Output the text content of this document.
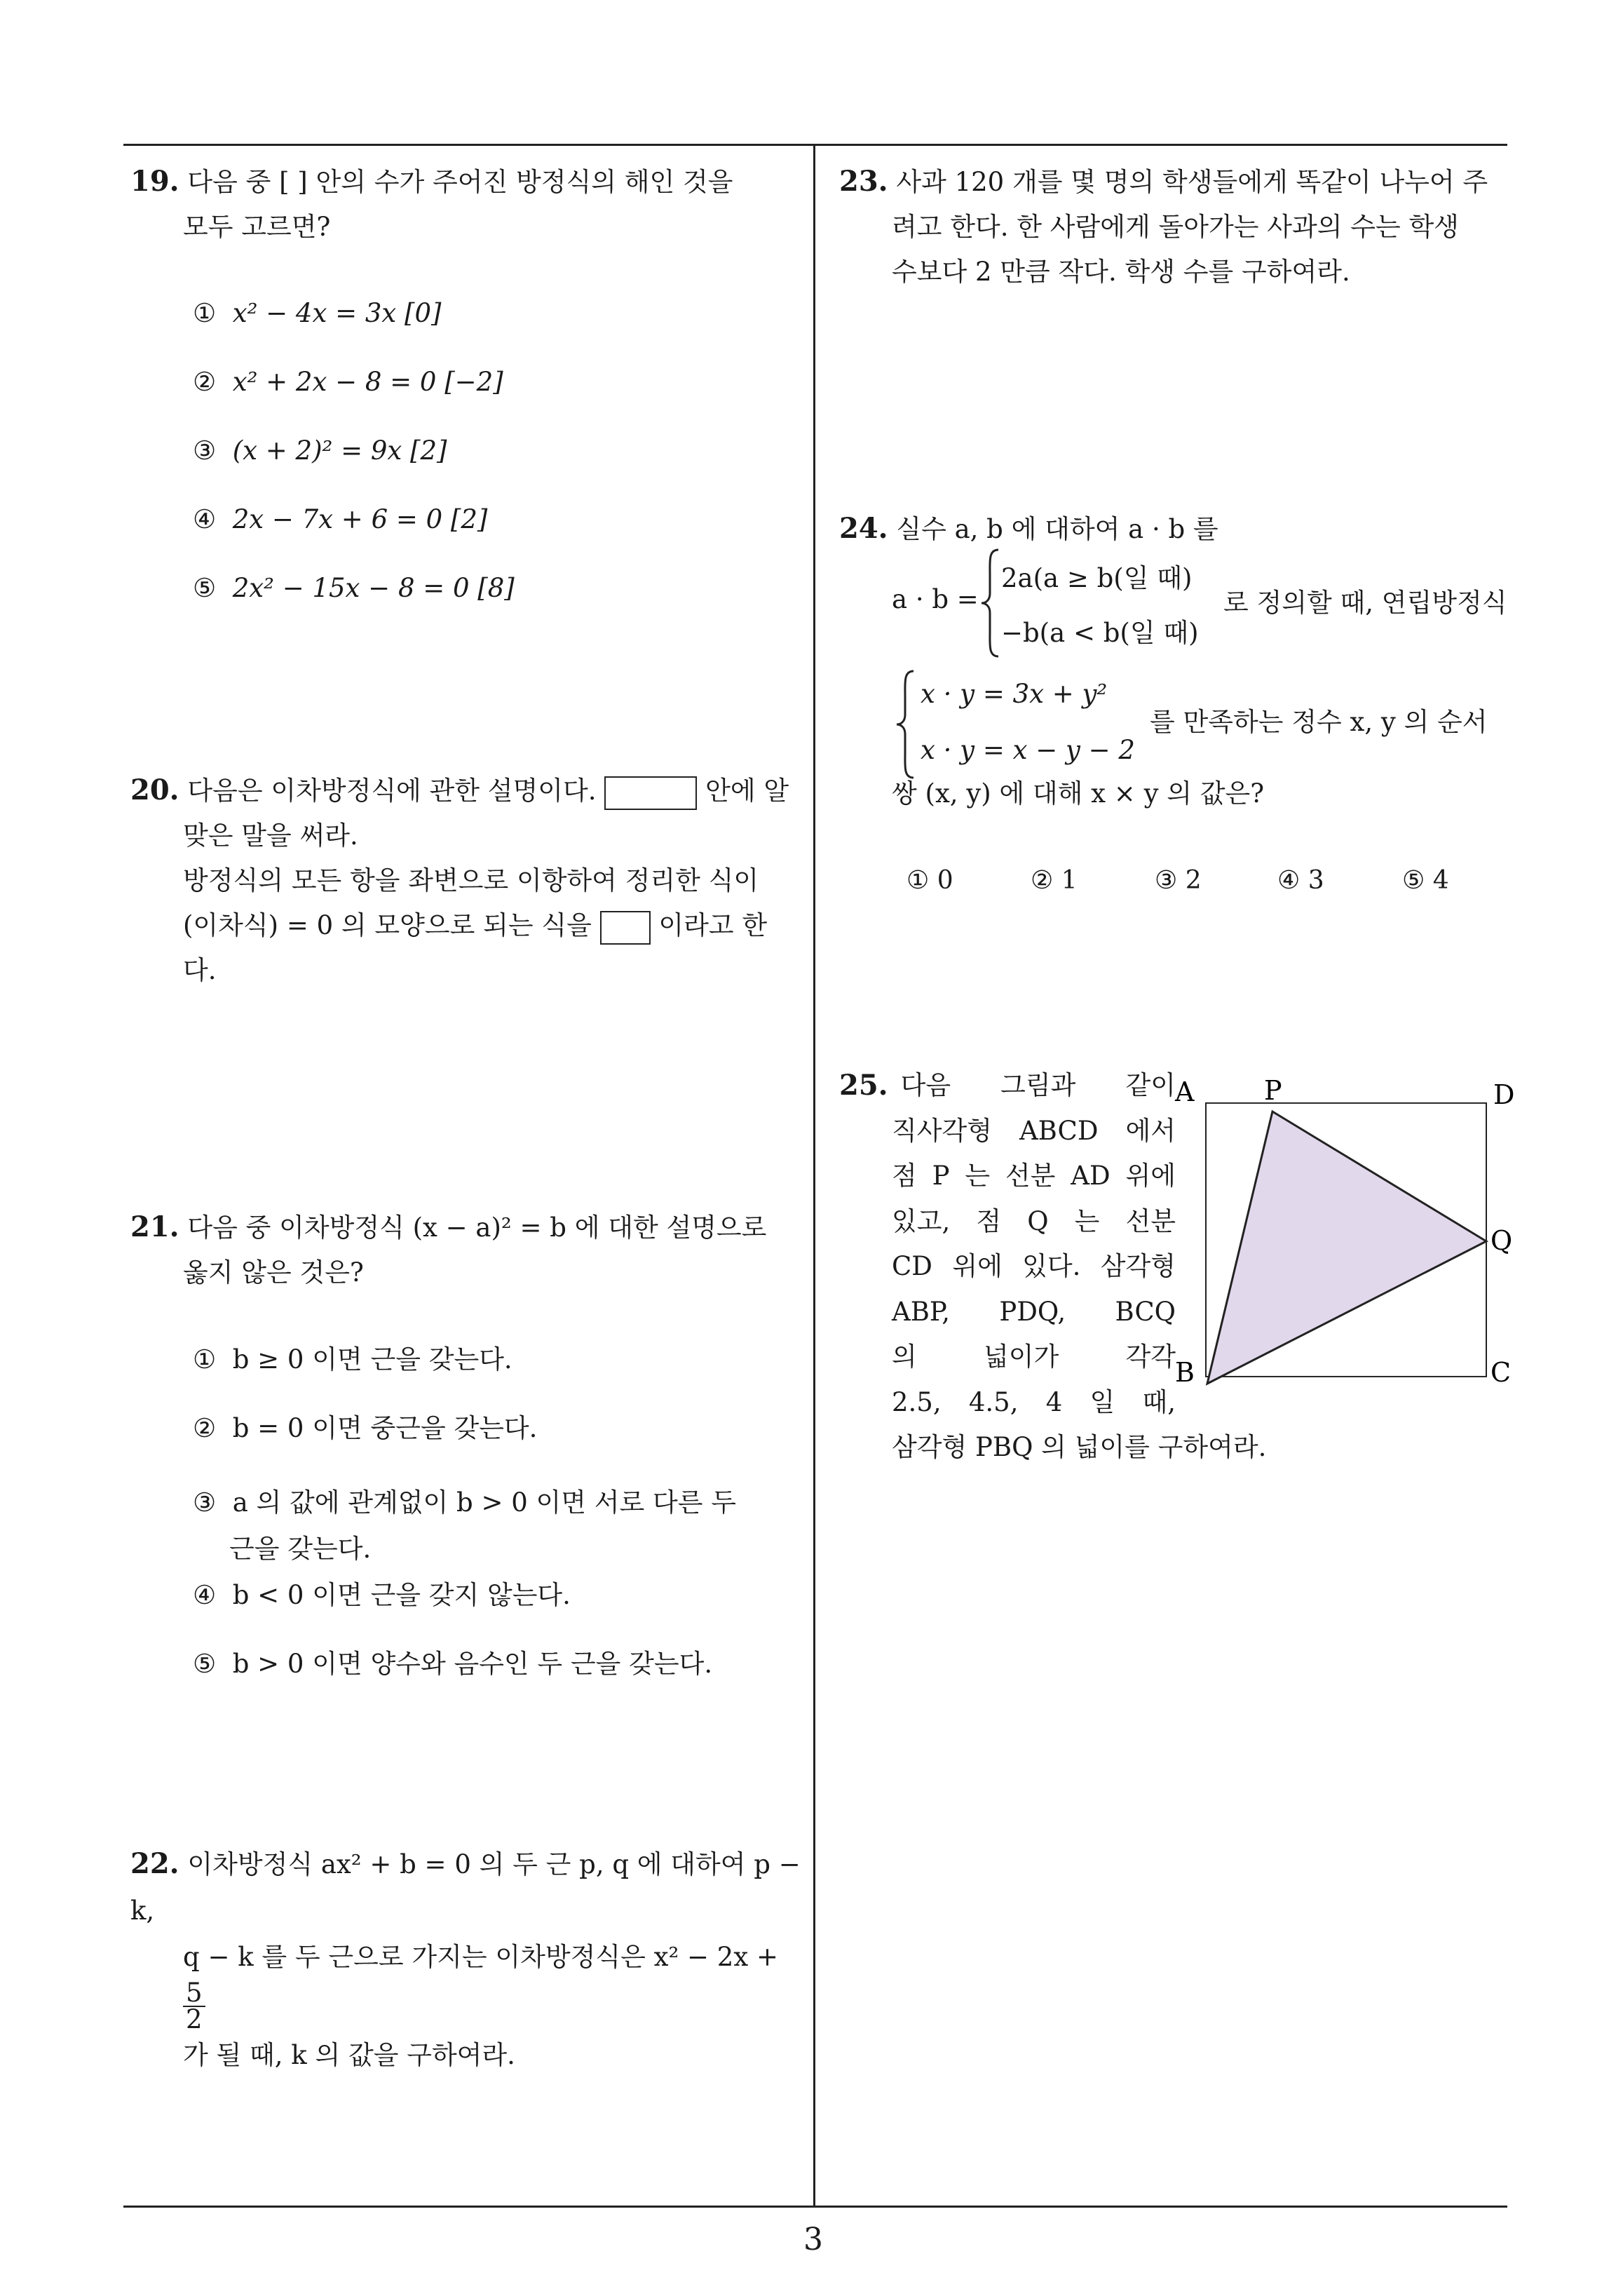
19. 다음 중 [ ] 안의 수가 주어진 방정식의 해인 것을
모두 고르면?
① x² − 4x = 3x [0]
② x² + 2x − 8 = 0 [−2]
③ (x + 2)² = 9x [2]
④ 2x − 7x + 6 = 0 [2]
⑤ 2x² − 15x − 8 = 0 [8]
20. 다음은 이차방정식에 관한 설명이다.	안에 알
맞은 말을 써라.
방정식의 모든 항을 좌변으로 이항하여 정리한 식이
(이차식) = 0 의 모양으로 되는 식을	이라고 한
다.
21. 다음 중 이차방정식 (x − a)² = b 에 대한 설명으로
옳지 않은 것은?
① b ≥ 0 이면 근을 갖는다.
② b = 0 이면 중근을 갖는다.
③ a 의 값에 관계없이 b > 0 이면 서로 다른 두
근을 갖는다.
④ b < 0 이면 근을 갖지 않는다.
⑤ b > 0 이면 양수와 음수인 두 근을 갖는다.
22. 이차방정식 ax² + b = 0 의 두 근 p, q 에 대하여 p − k,
q − k 를 두 근으로 가지는 이차방정식은 x² − 2x +
$\frac{5}{2}$
가 될 때, k 의 값을 구하여라.
23. 사과 120 개를 몇 명의 학생들에게 똑같이 나누어 주
려고 한다. 한 사람에게 돌아가는 사과의 수는 학생
수보다 2 만큼 작다. 학생 수를 구하여라.
24. 실수 a, b 에 대하여 a · b 를
a · b =
2a(a ≥ b(일 때)
−b(a < b(일 때)
로 정의할 때, 연립방정식
x · y = 3x + y²
x · y = x − y − 2
를 만족하는 정수 x, y 의 순서
쌍 (x, y) 에 대해 x × y 의 값은?
① 0	② 1	③ 2	④ 3	⑤ 4
25. 다음 그림과 같이
직사각형 ABCD 에서
점 P 는 선분 AD 위에
있고, 점 Q 는 선분
CD 위에 있다. 삼각형
ABP, PDQ, BCQ
의 넓이가 각각
2.5, 4.5, 4 일 때,
삼각형 PBQ 의 넓이를 구하여라.
A	P	D
Q
B	C
3
